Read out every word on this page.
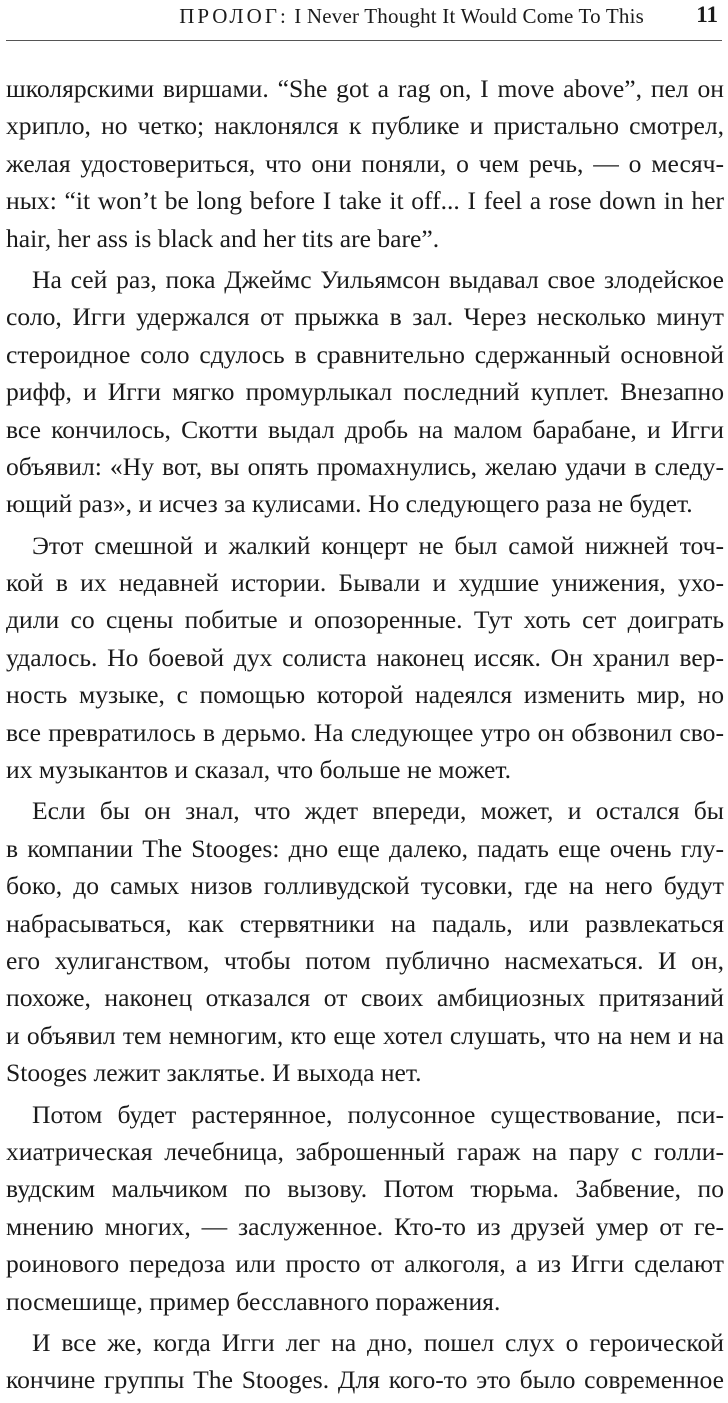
ПРОЛОГ: I Never Thought It Would Come To This 11
школярскими виршами. “She got a rag on, I move above”, пел он
хрипло, но четко; наклонялся к публике и пристально смотрел,
желая удостовериться, что они поняли, о чем речь, — о месяч-
ных: “it won’t be long before I take it off... I feel a rose down in her
hair, her ass is black and her tits are bare”.
На сей раз, пока Джеймс Уильямсон выдавал свое злодейское
соло, Игги удержался от прыжка в зал. Через несколько минут
стероидное соло сдулось в сравнительно сдержанный основной
рифф, и Игги мягко промурлыкал последний куплет. Внезапно
все кончилось, Скотти выдал дробь на малом барабане, и Игги
объявил: «Ну вот, вы опять промахнулись, желаю удачи в следу-
ющий раз», и исчез за кулисами. Но следующего раза не будет.
Этот смешной и жалкий концерт не был самой нижней точ-
кой в их недавней истории. Бывали и худшие унижения, ухо-
дили со сцены побитые и опозоренные. Тут хоть сет доиграть
удалось. Но боевой дух солиста наконец иссяк. Он хранил вер-
ность музыке, с помощью которой надеялся изменить мир, но
все превратилось в дерьмо. На следующее утро он обзвонил сво-
их музыкантов и сказал, что больше не может.
Если бы он знал, что ждет впереди, может, и остался бы
в компании The Stooges: дно еще далеко, падать еще очень глу-
боко, до самых низов голливудской тусовки, где на него будут
набрасываться, как стервятники на падаль, или развлекаться
его хулиганством, чтобы потом публично насмехаться. И он,
похоже, наконец отказался от своих амбициозных притязаний
и объявил тем немногим, кто еще хотел слушать, что на нем и на
Stooges лежит заклятье. И выхода нет.
Потом будет растерянное, полусонное существование, пси-
хиатрическая лечебница, заброшенный гараж на пару с голли-
вудским мальчиком по вызову. Потом тюрьма. Забвение, по
мнению многих, — заслуженное. Кто-то из друзей умер от ге-
роинового передоза или просто от алкоголя, а из Игги сделают
посмешище, пример бесславного поражения.
И все же, когда Игги лег на дно, пошел слух о героической
кончине группы The Stooges. Для кого-то это было современное
